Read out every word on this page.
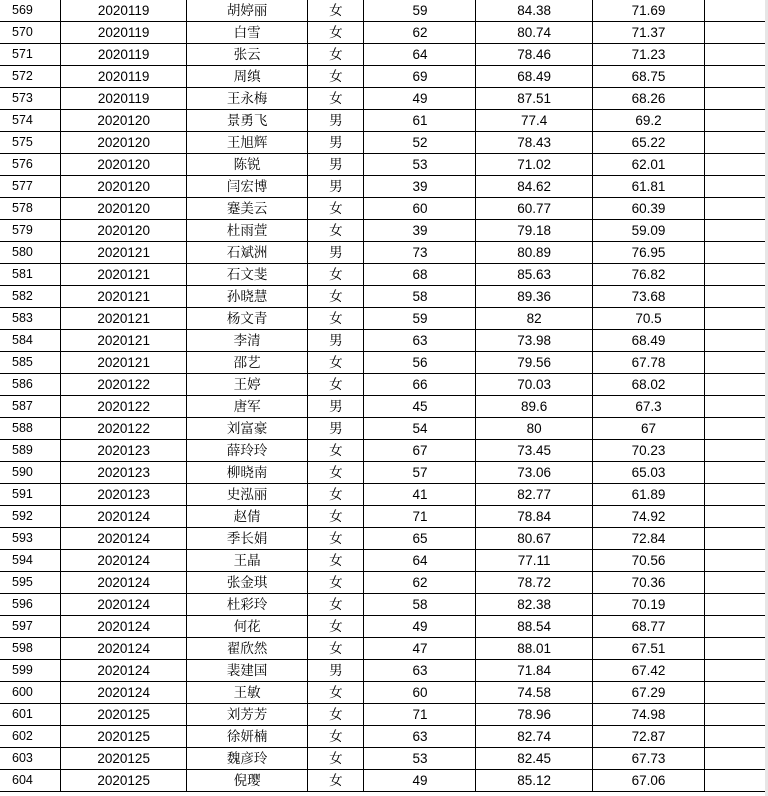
569	2020119	胡婷丽	女	59	84.38	71.69	
570	2020119	白雪	女	62	80.74	71.37	
571	2020119	张云	女	64	78.46	71.23	
572	2020119	周缜	女	69	68.49	68.75	
573	2020119	王永梅	女	49	87.51	68.26	
574	2020120	景勇飞	男	61	77.4	69.2	
575	2020120	王旭辉	男	52	78.43	65.22	
576	2020120	陈锐	男	53	71.02	62.01	
577	2020120	闫宏博	男	39	84.62	61.81	
578	2020120	蹇美云	女	60	60.77	60.39	
579	2020120	杜雨萱	女	39	79.18	59.09	
580	2020121	石斌洲	男	73	80.89	76.95	
581	2020121	石文斐	女	68	85.63	76.82	
582	2020121	孙晓慧	女	58	89.36	73.68	
583	2020121	杨文青	女	59	82	70.5	
584	2020121	李清	男	63	73.98	68.49	
585	2020121	邵艺	女	56	79.56	67.78	
586	2020122	王婷	女	66	70.03	68.02	
587	2020122	唐军	男	45	89.6	67.3	
588	2020122	刘富豪	男	54	80	67	
589	2020123	薛玲玲	女	67	73.45	70.23	
590	2020123	柳晓南	女	57	73.06	65.03	
591	2020123	史泓丽	女	41	82.77	61.89	
592	2020124	赵倩	女	71	78.84	74.92	
593	2020124	季长娟	女	65	80.67	72.84	
594	2020124	王晶	女	64	77.11	70.56	
595	2020124	张金琪	女	62	78.72	70.36	
596	2020124	杜彩玲	女	58	82.38	70.19	
597	2020124	何花	女	49	88.54	68.77	
598	2020124	翟欣然	女	47	88.01	67.51	
599	2020124	裴建国	男	63	71.84	67.42	
600	2020124	王敏	女	60	74.58	67.29	
601	2020125	刘芳芳	女	71	78.96	74.98	
602	2020125	徐妍楠	女	63	82.74	72.87	
603	2020125	魏彦玲	女	53	82.45	67.73	
604	2020125	倪璎	女	49	85.12	67.06	
